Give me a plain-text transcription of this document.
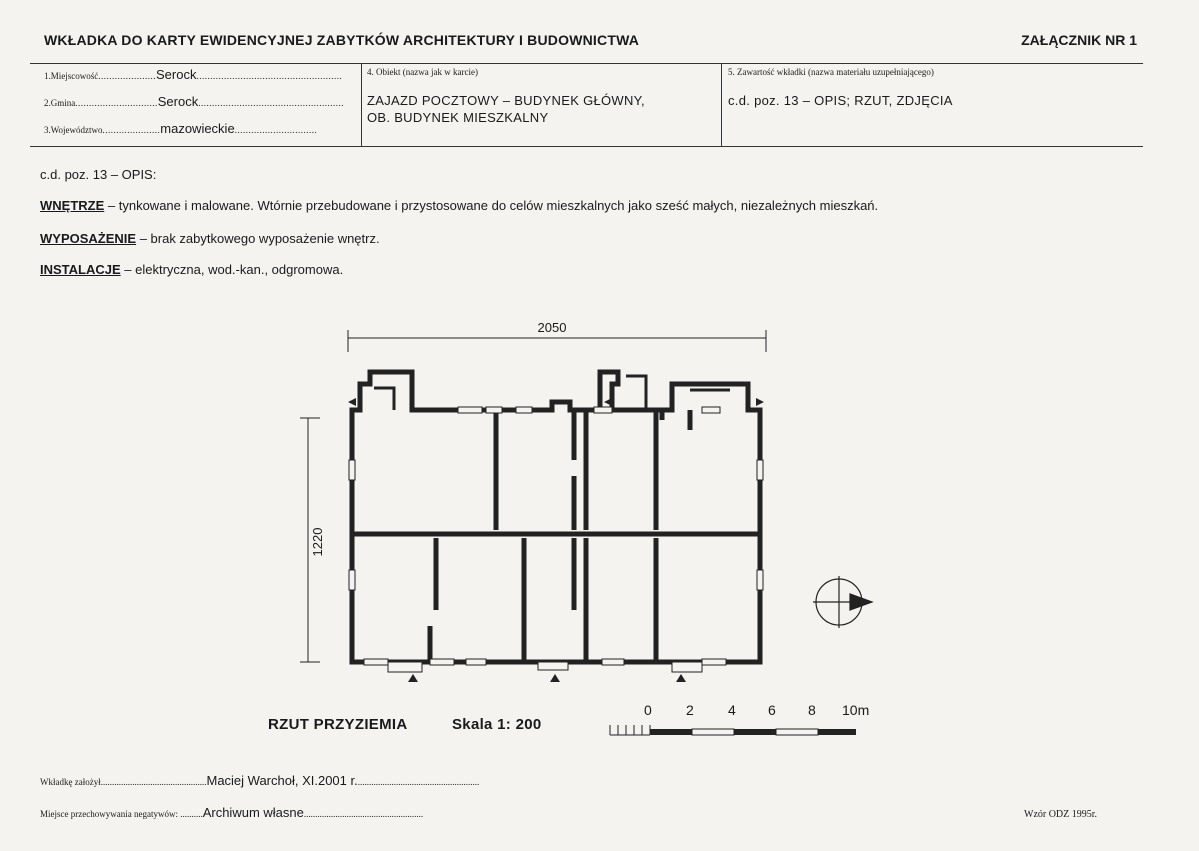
WKŁADKA DO KARTY EWIDENCYJNEJ ZABYTKÓW ARCHITEKTURY I BUDOWNICTWA	ZAŁĄCZNIK NR 1
1.Miejscowość.....................Serock.....................................................
2.Gmina..............................Serock.....................................................
3.Województwo.....................mazowieckie..............................
4. Obiekt (nazwa jak w karcie)
ZAJAZD POCZTOWY – BUDYNEK GŁÓWNY,
OB. BUDYNEK MIESZKALNY
5. Zawartość wkładki (nazwa materiału uzupełniającego)
c.d. poz. 13 – OPIS; RZUT, ZDJĘCIA
c.d. poz. 13 – OPIS:
WNĘTRZE – tynkowane i malowane. Wtórnie przebudowane i przystosowane do celów mieszkalnych jako sześć małych, niezależnych mieszkań.
WYPOSAŻENIE – brak zabytkowego wyposażenie wnętrz.
INSTALACJE – elektryczna, wod.-kan., odgromowa.
2050
1220
RZUT PRZYZIEMIA	Skala 1: 200
0 2 4 6 8 10m
Wkładkę założył...............................................Maciej Warchoł, XI.2001 r.......................................................
Miejsce przechowywania negatywów: ..........Archiwum własne.....................................................	Wzór ODZ 1995r.
